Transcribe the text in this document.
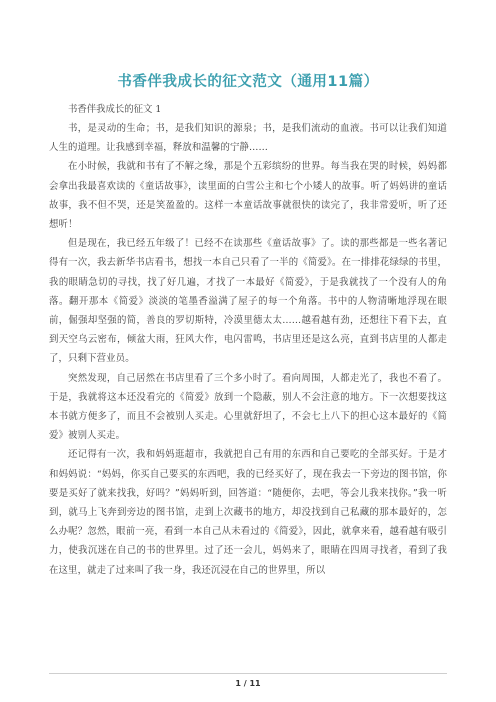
书香伴我成长的征文范文（通用11篇）

书香伴我成长的征文 1

书，是灵动的生命；书，是我们知识的源泉；书，是我们流动的血液。书可以让我们知道人生的道理。让我感到幸福，释放和温馨的宁静……

在小时候，我就和书有了不解之缘，那是个五彩缤纷的世界。每当我在哭的时候，妈妈都会拿出我最喜欢读的《童话故事》，读里面的白雪公主和七个小矮人的故事。听了妈妈讲的童话故事，我不但不哭，还是笑盈盈的。这样一本童话故事就很快的读完了，我非常爱听，听了还想听！

但是现在，我已经五年级了！已经不在读那些《童话故事》了。读的那些都是一些名著记得有一次，我去新华书店看书，想找一本自己只看了一半的《简爱》。在一排排花绿绿的书里，我的眼睛急切的寻找，找了好几遍，才找了一本最好《简爱》，于是我就找了一个没有人的角落。翻开那本《简爱》淡淡的笔墨香溢满了屋子的每一个角落。书中的人物清晰地浮现在眼前，倔强却坚强的简，善良的罗切斯特，冷漠里德太太……越看越有劲，还想往下看下去，直到天空乌云密布，倾盆大雨，狂风大作，电闪雷鸣，书店里还是这么亮，直到书店里的人都走了，只剩下营业员。

突然发现，自己居然在书店里看了三个多小时了。看向周围，人都走光了，我也不看了。于是，我就将这本还没看完的《简爱》放到一个隐蔽，别人不会注意的地方。下一次想要找这本书就方便多了，而且不会被别人买走。心里就舒坦了，不会七上八下的担心这本最好的《简爱》被别人买走。

还记得有一次，我和妈妈逛超市，我就把自己有用的东西和自己要吃的全部买好。于是才和妈妈说：“妈妈，你买自己要买的东西吧，我的已经买好了，现在我去一下旁边的图书馆，你要是买好了就来找我，好吗？”妈妈听到，回答道：“随便你，去吧，等会儿我来找你。”我一听到，就马上飞奔到旁边的图书馆，走到上次藏书的地方，却没找到自己私藏的那本最好的，怎么办呢？忽然，眼前一亮，看到一本自己从未看过的《简爱》，因此，就拿来看，越看越有吸引力，使我沉迷在自己的书的世界里。过了还一会儿，妈妈来了，眼睛在四周寻找者，看到了我在这里，就走了过来叫了我一身，我还沉浸在自己的世界里，所以

1 / 11
